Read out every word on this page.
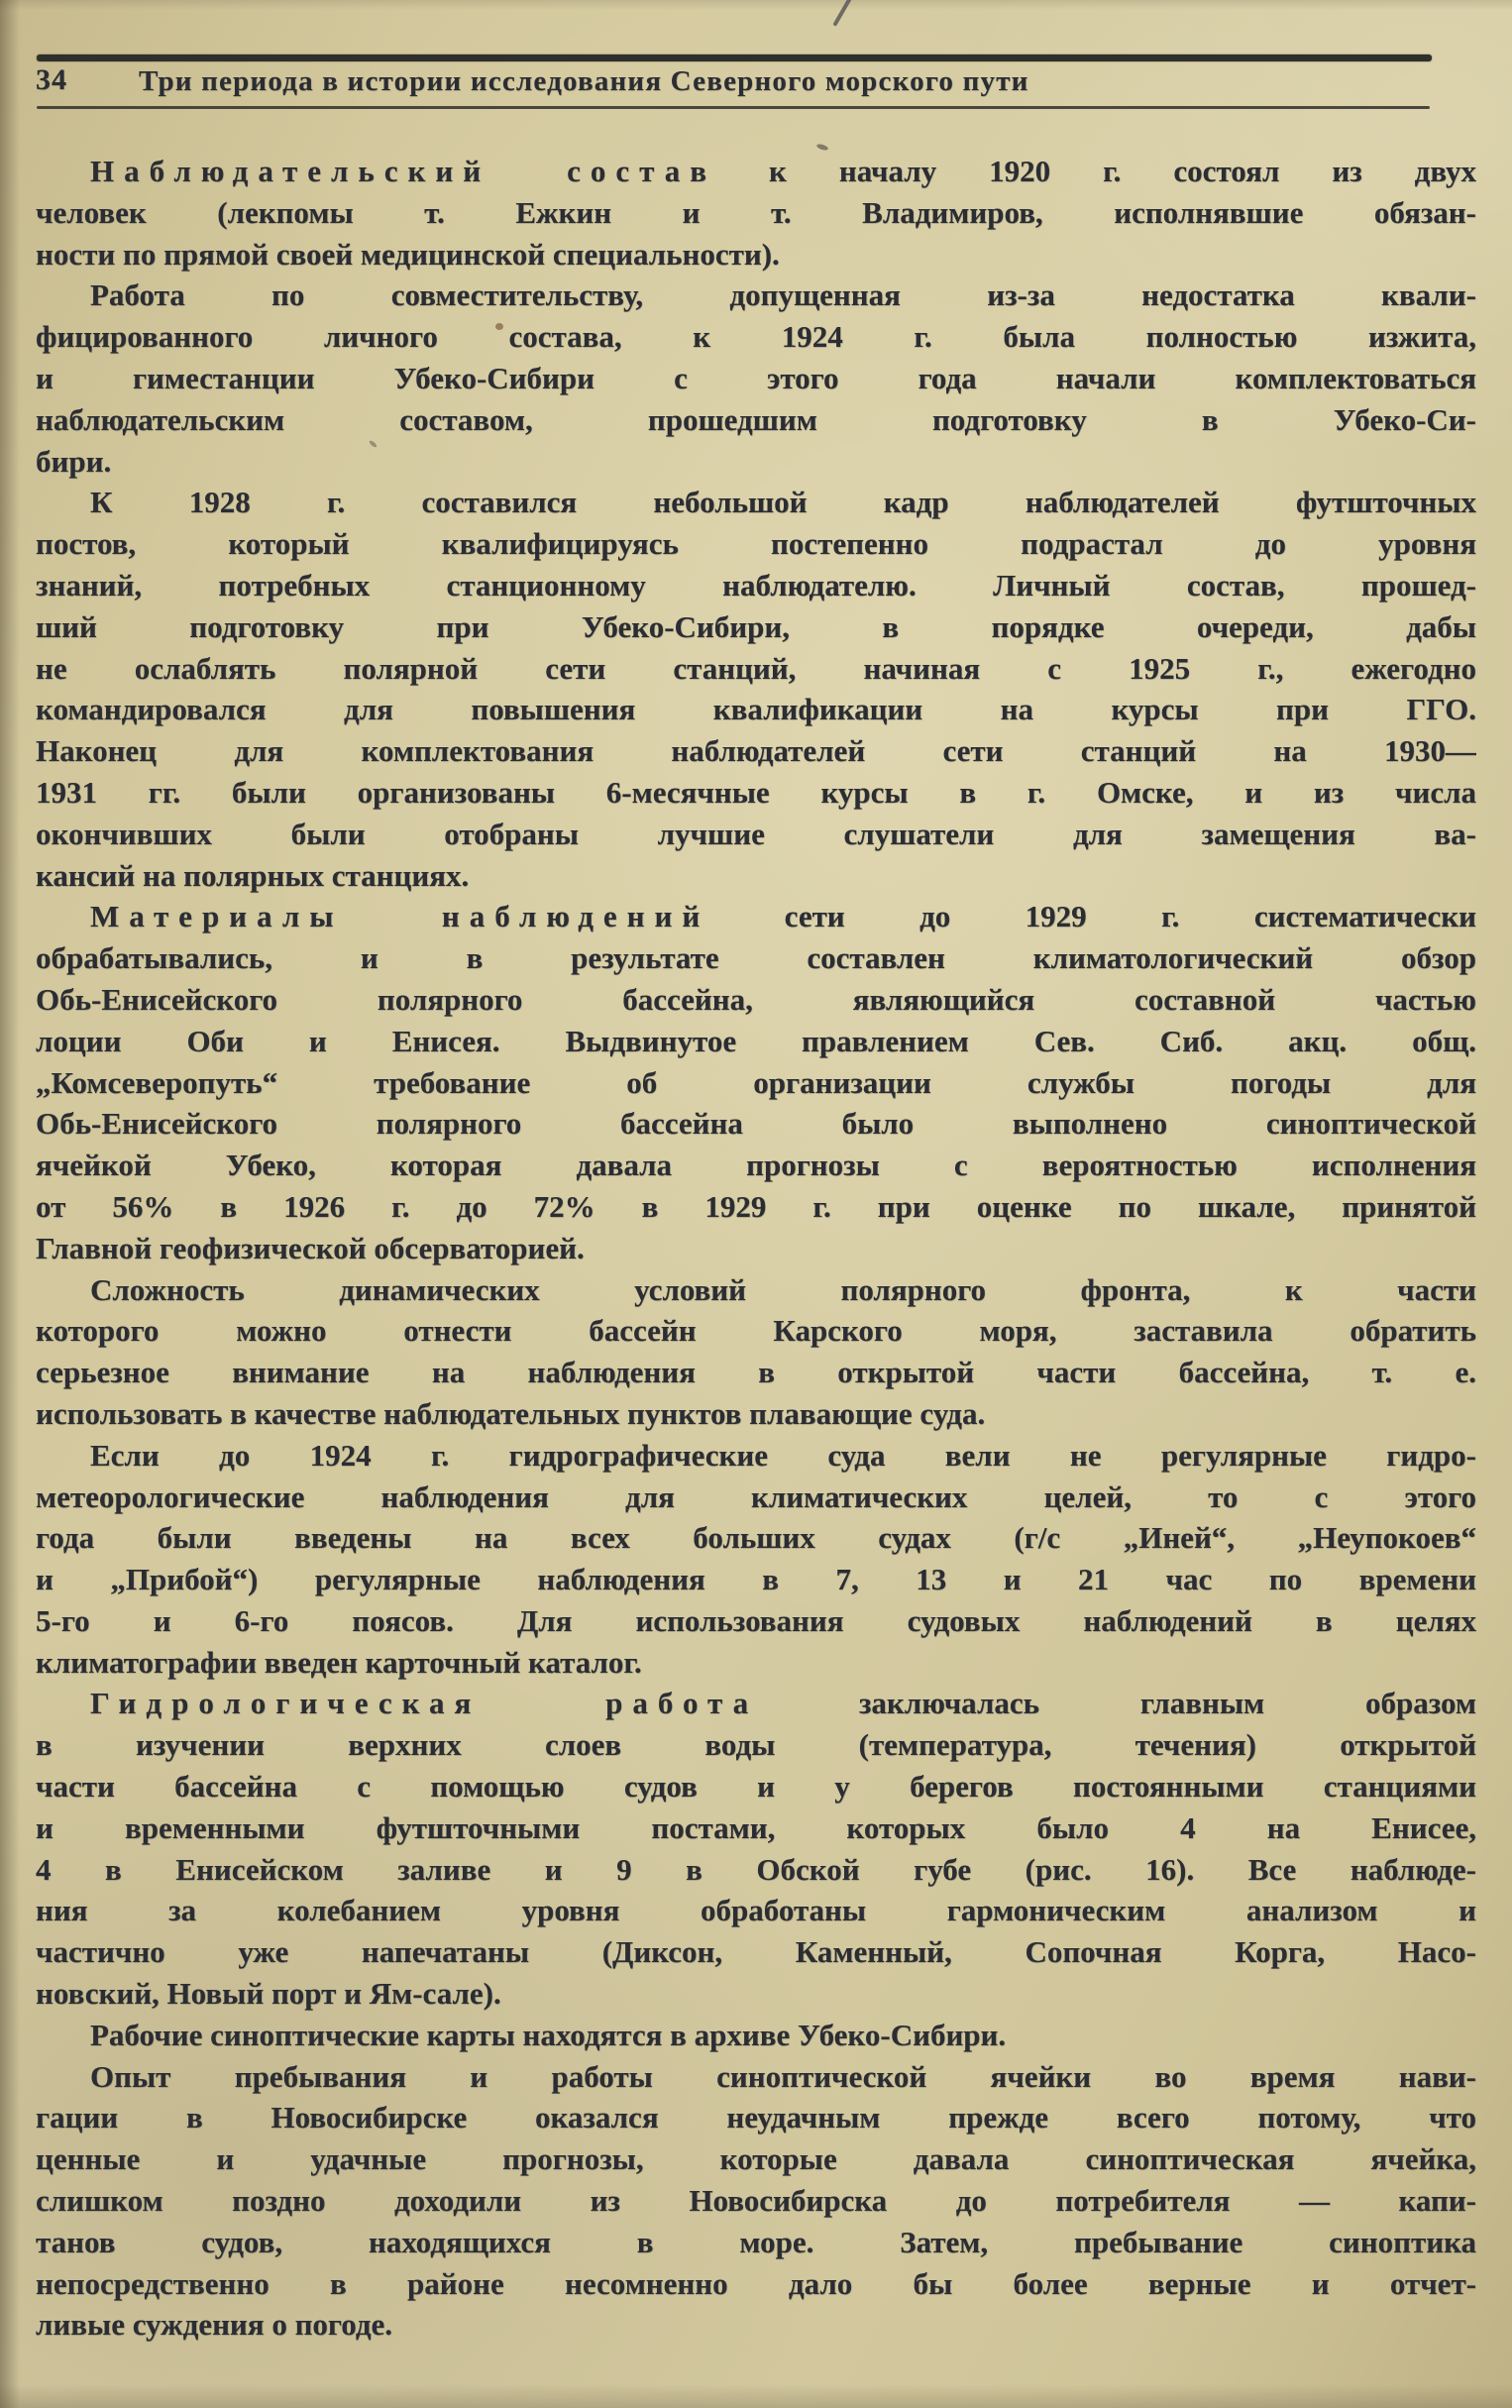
34 Три периода в истории исследования Северного морского пути
Наблюдательский состав к началу 1920 г. состоял из двух
человек (лекпомы т. Ежкин и т. Владимиров, исполнявшие обязан-
ности по прямой своей медицинской специальности).
Работа по совместительству, допущенная из-за недостатка квали-
фицированного личного состава, к 1924 г. была полностью изжита,
и гиместанции Убеко-Сибири с этого года начали комплектоваться
наблюдательским составом, прошедшим подготовку в Убеко-Си-
бири.
К 1928 г. составился небольшой кадр наблюдателей футшточных
постов, который квалифицируясь постепенно подрастал до уровня
знаний, потребных станционному наблюдателю. Личный состав, прошед-
ший подготовку при Убеко-Сибири, в порядке очереди, дабы
не ослаблять полярной сети станций, начиная с 1925 г., ежегодно
командировался для повышения квалификации на курсы при ГГО.
Наконец для комплектования наблюдателей сети станций на 1930—
1931 гг. были организованы 6-месячные курсы в г. Омске, и из числа
окончивших были отобраны лучшие слушатели для замещения ва-
кансий на полярных станциях.
Материалы наблюдений сети до 1929 г. систематически
обрабатывались, и в результате составлен климатологический обзор
Обь-Енисейского полярного бассейна, являющийся составной частью
лоции Оби и Енисея. Выдвинутое правлением Сев. Сиб. акц. общ.
„Комсеверопуть“ требование об организации службы погоды для
Обь-Енисейского полярного бассейна было выполнено синоптической
ячейкой Убеко, которая давала прогнозы с вероятностью исполнения
от 56% в 1926 г. до 72% в 1929 г. при оценке по шкале, принятой
Главной геофизической обсерваторией.
Сложность динамических условий полярного фронта, к части
которого можно отнести бассейн Карского моря, заставила обратить
серьезное внимание на наблюдения в открытой части бассейна, т. е.
использовать в качестве наблюдательных пунктов плавающие суда.
Если до 1924 г. гидрографические суда вели не регулярные гидро-
метеорологические наблюдения для климатических целей, то с этого
года были введены на всех больших судах (г/с „Иней“, „Неупокоев“
и „Прибой“) регулярные наблюдения в 7, 13 и 21 час по времени
5-го и 6-го поясов. Для использования судовых наблюдений в целях
климатографии введен карточный каталог.
Гидрологическая работа заключалась главным образом
в изучении верхних слоев воды (температура, течения) открытой
части бассейна с помощью судов и у берегов постоянными станциями
и временными футшточными постами, которых было 4 на Енисее,
4 в Енисейском заливе и 9 в Обской губе (рис. 16). Все наблюде-
ния за колебанием уровня обработаны гармоническим анализом и
частично уже напечатаны (Диксон, Каменный, Сопочная Корга, Насо-
новский, Новый порт и Ям-сале).
Рабочие синоптические карты находятся в архиве Убеко-Сибири.
Опыт пребывания и работы синоптической ячейки во время нави-
гации в Новосибирске оказался неудачным прежде всего потому, что
ценные и удачные прогнозы, которые давала синоптическая ячейка,
слишком поздно доходили из Новосибирска до потребителя — капи-
танов судов, находящихся в море. Затем, пребывание синоптика
непосредственно в районе несомненно дало бы более верные и отчет-
ливые суждения о погоде.
